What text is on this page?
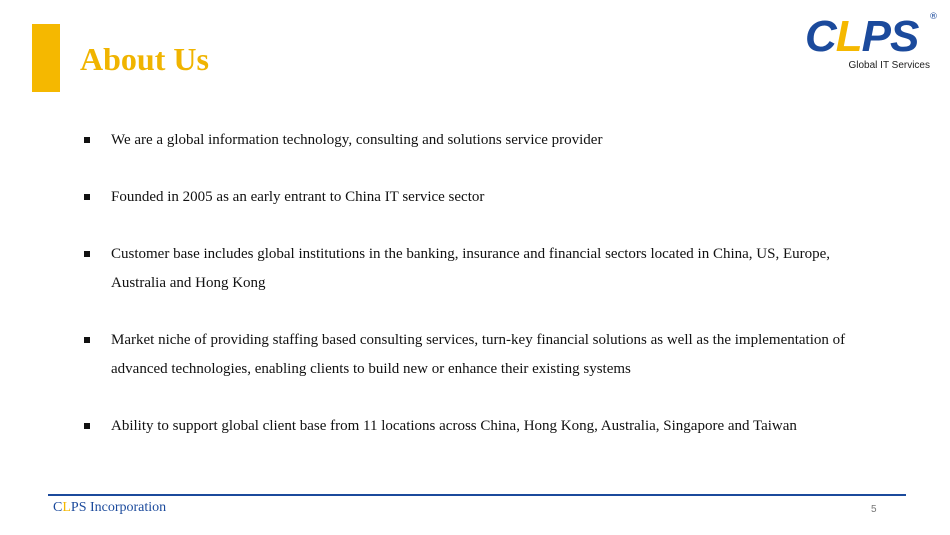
About Us	CLPS ®
Global IT Services
We are a global information technology, consulting and solutions service provider
Founded in 2005 as an early entrant to China IT service sector
Customer base includes global institutions in the banking, insurance and financial sectors located in China, US, Europe, Australia and Hong Kong
Market niche of providing staffing based consulting services, turn-key financial solutions as well as the implementation of advanced technologies, enabling clients to build new or enhance their existing systems
Ability to support global client base from 11 locations across China, Hong Kong, Australia, Singapore and Taiwan
CLPS Incorporation	5
